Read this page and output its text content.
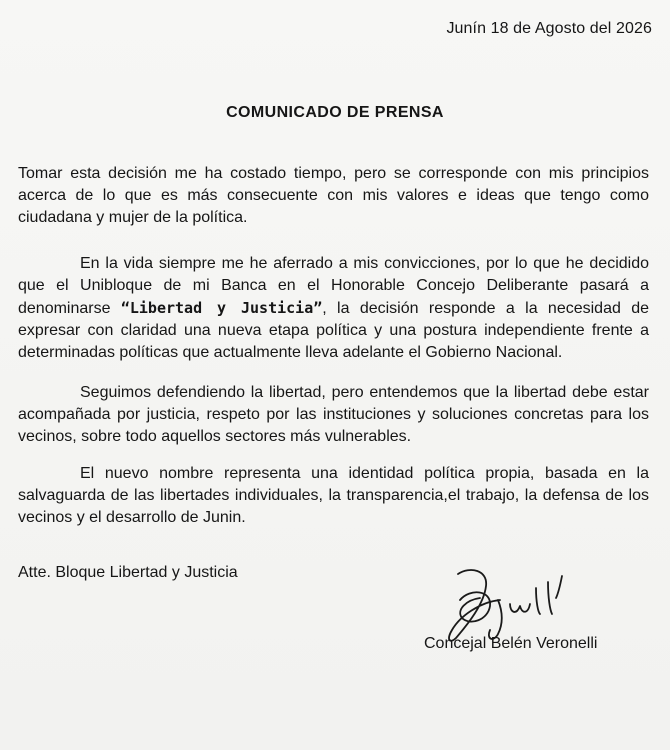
Junín 18 de Agosto del 2026
COMUNICADO DE PRENSA
Tomar esta decisión me ha costado tiempo, pero se corresponde con mis principios acerca de lo que es más consecuente con mis valores e ideas que tengo como ciudadana y mujer de la política.
En la vida siempre me he aferrado a mis convicciones, por lo que he decidido que el Unibloque de mi Banca en el Honorable Concejo Deliberante pasará a denominarse “Libertad y Justicia”, la decisión responde a la necesidad de expresar con claridad una nueva etapa política y una postura independiente frente a determinadas políticas que actualmente lleva adelante el Gobierno Nacional.
Seguimos defendiendo la libertad, pero entendemos que la libertad debe estar acompañada por justicia, respeto por las instituciones y soluciones concretas para los vecinos, sobre todo aquellos sectores más vulnerables.
El nuevo nombre representa una identidad política propia, basada en la salvaguarda de las libertades individuales, la transparencia,el trabajo, la defensa de los vecinos y el desarrollo de Junin.
Atte. Bloque Libertad y Justicia
Concejal Belén Veronelli
